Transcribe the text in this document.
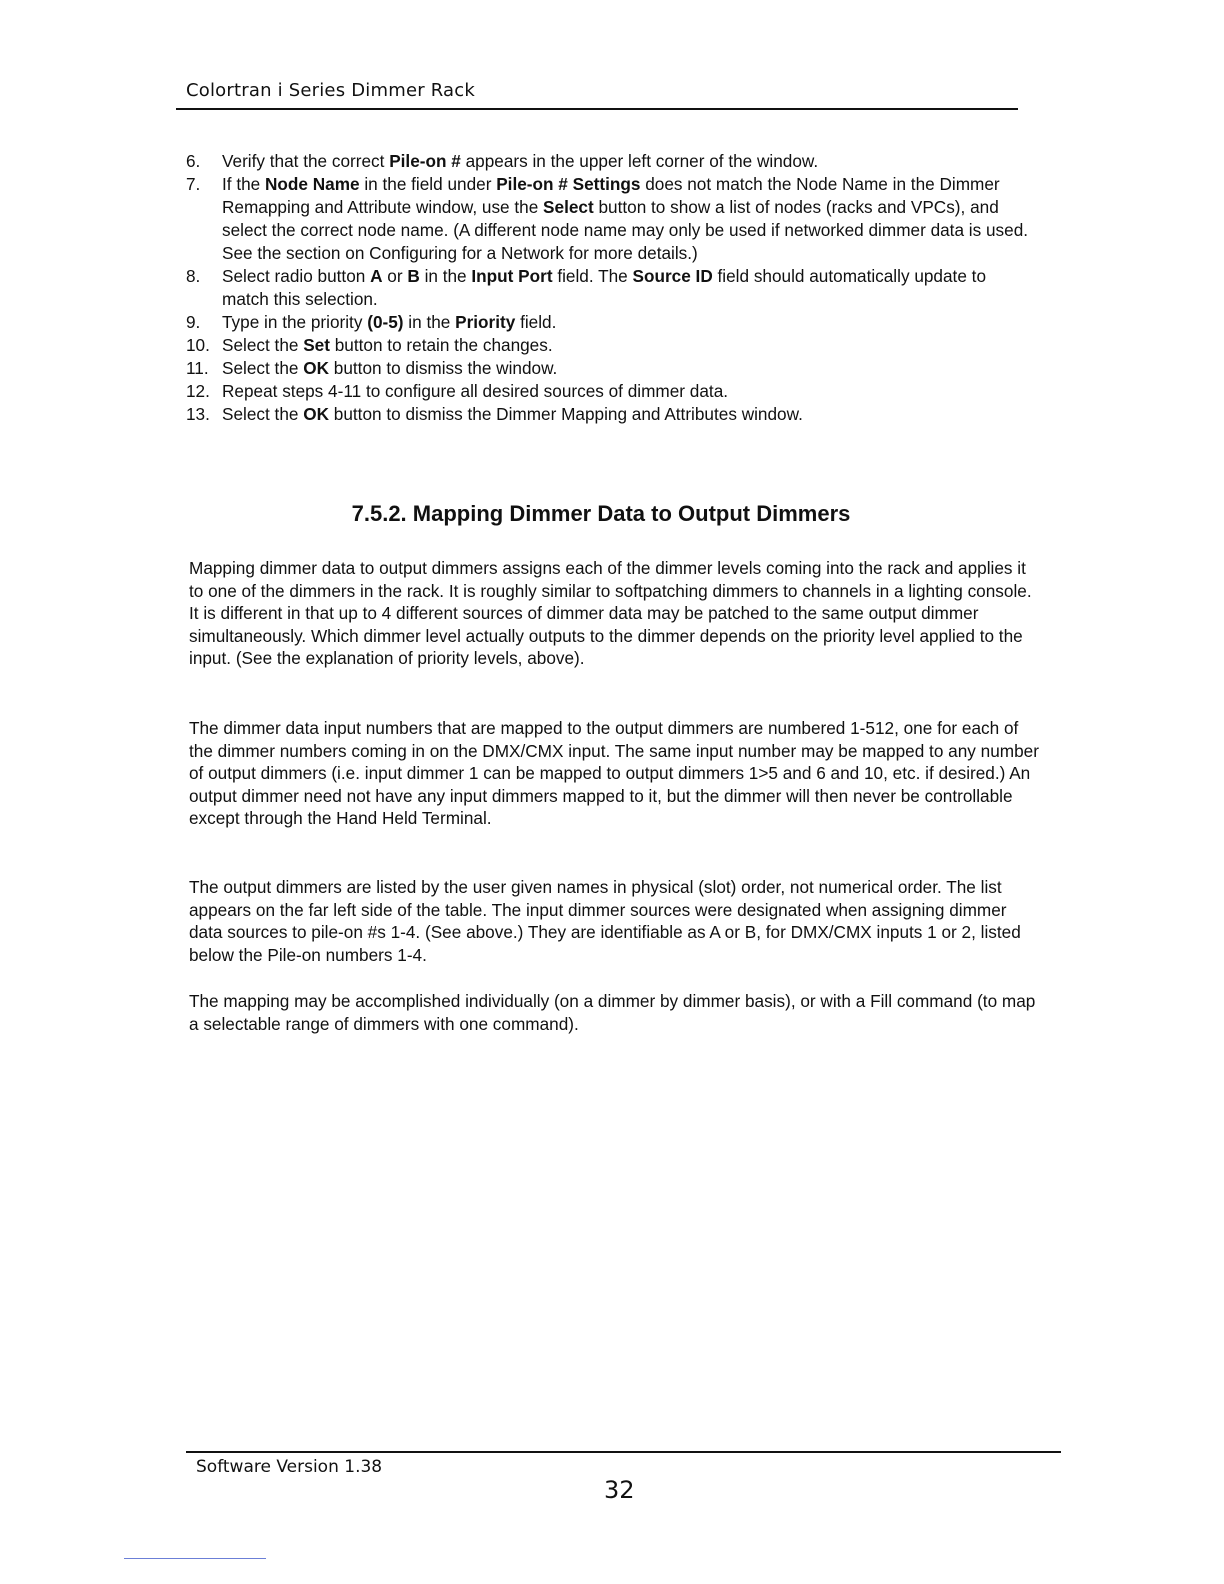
Colortran i Series Dimmer Rack
6. Verify that the correct Pile-on # appears in the upper left corner of the window.
7. If the Node Name in the field under Pile-on # Settings does not match the Node Name in the Dimmer Remapping and Attribute window, use the Select button to show a list of nodes (racks and VPCs), and select the correct node name. (A different node name may only be used if networked dimmer data is used. See the section on Configuring for a Network for more details.)
8. Select radio button A or B in the Input Port field. The Source ID field should automatically update to match this selection.
9. Type in the priority (0-5) in the Priority field.
10. Select the Set button to retain the changes.
11. Select the OK button to dismiss the window.
12. Repeat steps 4-11 to configure all desired sources of dimmer data.
13. Select the OK button to dismiss the Dimmer Mapping and Attributes window.
7.5.2. Mapping Dimmer Data to Output Dimmers

Mapping dimmer data to output dimmers assigns each of the dimmer levels coming into the rack and applies it to one of the dimmers in the rack. It is roughly similar to softpatching dimmers to channels in a lighting console. It is different in that up to 4 different sources of dimmer data may be patched to the same output dimmer simultaneously. Which dimmer level actually outputs to the dimmer depends on the priority level applied to the input. (See the explanation of priority levels, above).

The dimmer data input numbers that are mapped to the output dimmers are numbered 1-512, one for each of the dimmer numbers coming in on the DMX/CMX input. The same input number may be mapped to any number of output dimmers (i.e. input dimmer 1 can be mapped to output dimmers 1>5 and 6 and 10, etc. if desired.) An output dimmer need not have any input dimmers mapped to it, but the dimmer will then never be controllable except through the Hand Held Terminal.

The output dimmers are listed by the user given names in physical (slot) order, not numerical order. The list appears on the far left side of the table. The input dimmer sources were designated when assigning dimmer data sources to pile-on #s 1-4. (See above.) They are identifiable as A or B, for DMX/CMX inputs 1 or 2, listed below the Pile-on numbers 1-4.

The mapping may be accomplished individually (on a dimmer by dimmer basis), or with a Fill command (to map a selectable range of dimmers with one command).

Software Version 1.38
32
